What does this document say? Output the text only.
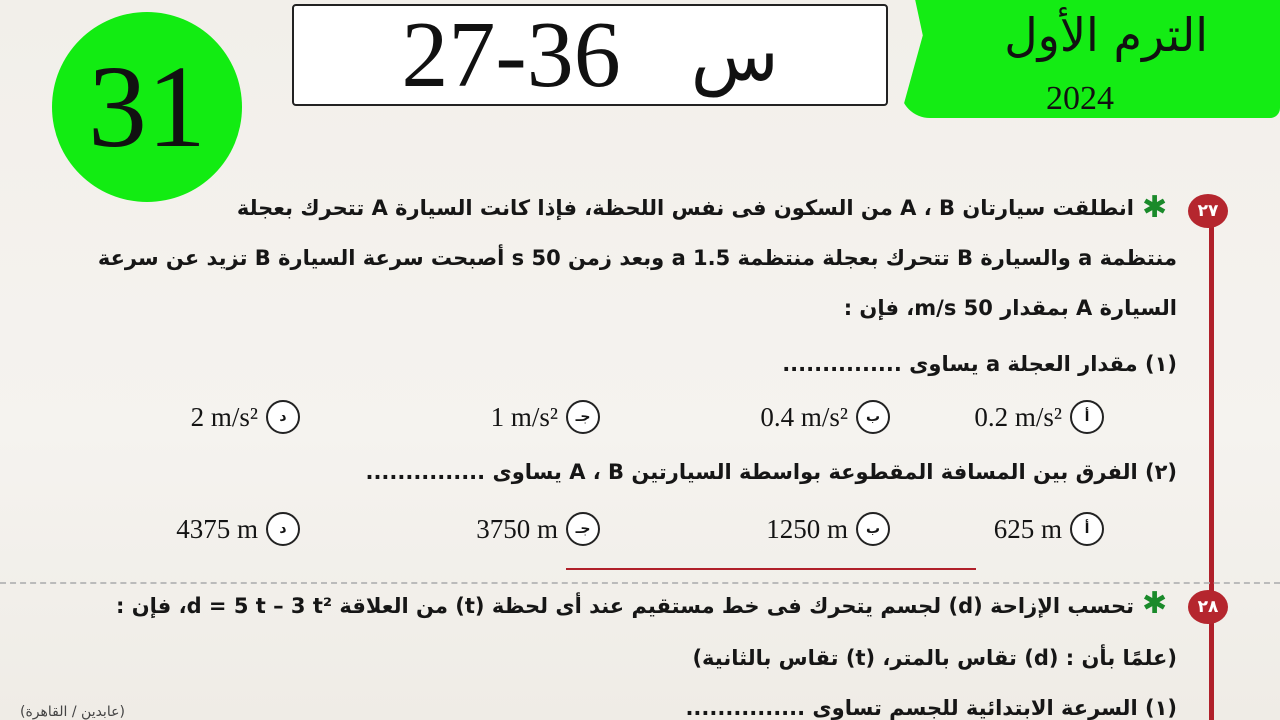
31	27-36 س	الترم الأول
2024
٢٧
✱
انطلقت سيارتان A ، B من السكون فى نفس اللحظة، فإذا كانت السيارة A تتحرك بعجلة
منتظمة a والسيارة B تتحرك بعجلة منتظمة 1.5 a وبعد زمن 50 s أصبحت سرعة السيارة B تزيد عن سرعة
السيارة A بمقدار 50 m/s، فإن :
(١) مقدار العجلة a يساوى ...............
أ
0.2 m/s²
ب
0.4 m/s²
جـ
1 m/s²
د
2 m/s²
(٢) الفرق بين المسافة المقطوعة بواسطة السيارتين A ، B يساوى ...............
أ
625 m
ب
1250 m
جـ
3750 m
د
4375 m
٢٨
✱
تحسب الإزاحة (d) لجسم يتحرك فى خط مستقيم عند أى لحظة (t) من العلاقة d = 5 t – 3 t²، فإن :
(علمًا بأن : (d) تقاس بالمتر، (t) تقاس بالثانية)
(١) السرعة الابتدائية للجسم تساوى ...............
(عابدين / القاهرة)
